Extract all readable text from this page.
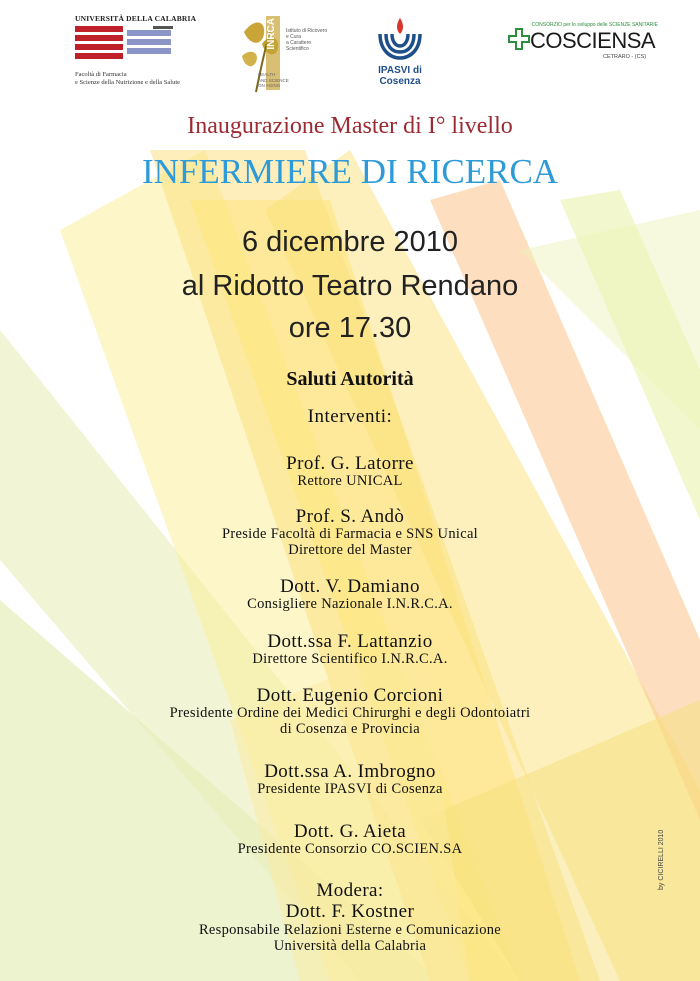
UNIVERSITÀ DELLA CALABRIA
Facoltà di Farmacia
e Scienze della Nutrizione e della Salute
INRCA	Istituto di Ricovero
e Cura
a Carattere
Scientifico
HEALTH
AND SCIENCE
ON AGING
IPASVI di Cosenza
CONSORZIO per lo sviluppo delle SCIENZE SANITARIE
COSCIENSA
CETRARO - (CS)
Inaugurazione Master di I° livello
INFERMIERE DI RICERCA
6 dicembre 2010
al Ridotto Teatro Rendano
ore 17.30
Saluti Autorità
Interventi:
Prof. G. Latorre
Rettore UNICAL
Prof. S. Andò
Preside Facoltà di Farmacia e SNS Unical
Direttore del Master
Dott. V. Damiano
Consigliere Nazionale I.N.R.C.A.
Dott.ssa F. Lattanzio
Direttore Scientifico I.N.R.C.A.
Dott. Eugenio Corcioni
Presidente Ordine dei Medici Chirurghi e degli Odontoiatri
di Cosenza e Provincia
Dott.ssa A. Imbrogno
Presidente IPASVI di Cosenza
Dott. G. Aieta
Presidente Consorzio CO.SCIEN.SA
Modera:
Dott. F. Kostner
Responsabile Relazioni Esterne e Comunicazione
Università della Calabria
by CICIRELLI 2010
